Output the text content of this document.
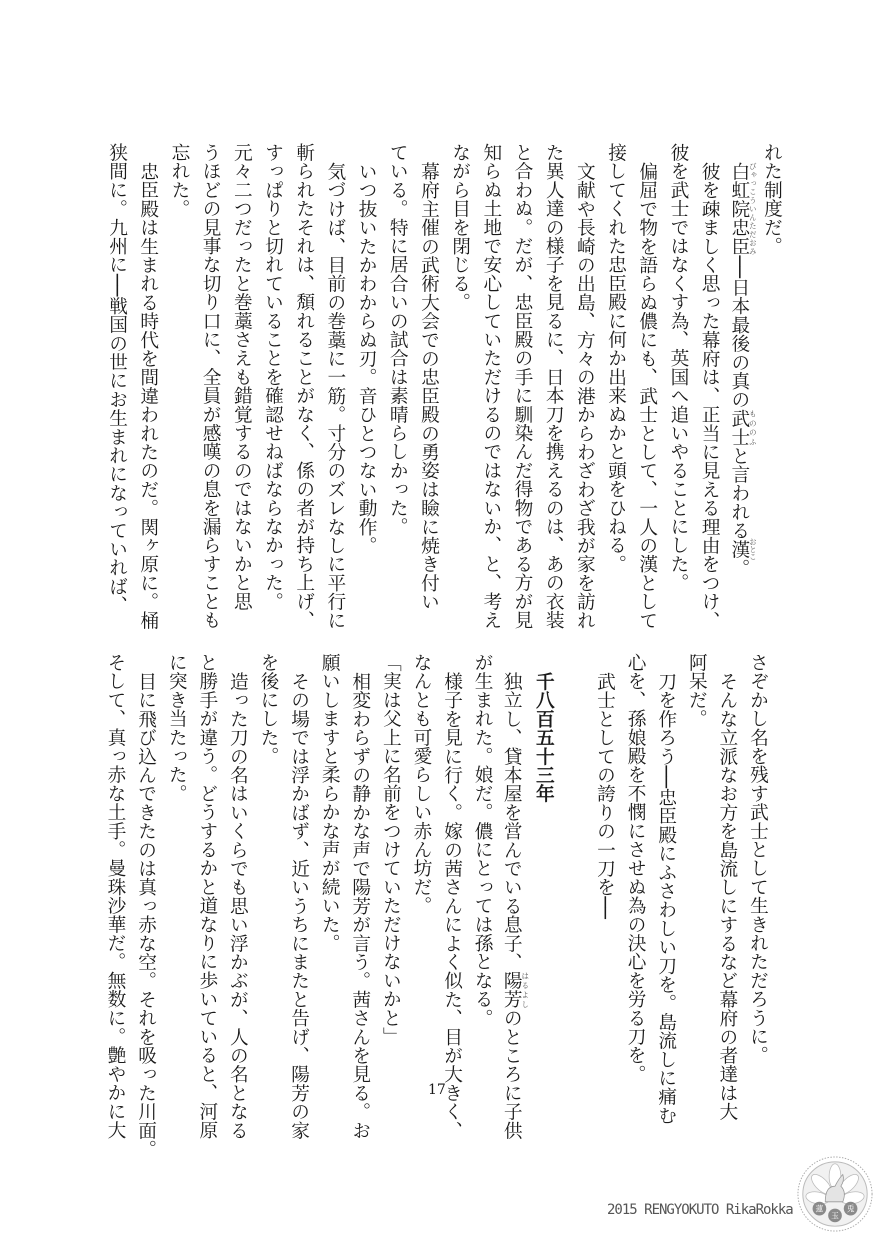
れた制度だ。
白虹院忠臣 びゃっこういんただおみ──日本最後の真の武士 もののふと言われる漢 おとこ。
彼を疎ましく思った幕府は、正当に見える理由をつけ、
彼を武士ではなくす為、英国へ追いやることにした。
偏屈で物を語らぬ儂にも、武士として、一人の漢として
接してくれた忠臣殿に何か出来ぬかと頭をひねる。
文献や長崎の出島、方々の港からわざわざ我が家を訪れ
た異人達の様子を見るに、日本刀を携えるのは、あの衣装
と合わぬ。だが、忠臣殿の手に馴染んだ得物である方が見
知らぬ土地で安心していただけるのではないか、と、考え
ながら目を閉じる。
幕府主催の武術大会での忠臣殿の勇姿は瞼に焼き付い
ている。特に居合いの試合は素晴らしかった。
いつ抜いたかわからぬ刃。音ひとつない動作。
気づけば、目前の巻藁に一筋。寸分のズレなしに平行に
斬られたそれは、頽れることがなく、係の者が持ち上げ、
すっぱりと切れていることを確認せねばならなかった。
元々二つだったと巻藁さえも錯覚するのではないかと思
うほどの見事な切り口に、全員が感嘆の息を漏らすことも
忘れた。
忠臣殿は生まれる時代を間違われたのだ。関ヶ原に。桶
狭間に。九州に──戦国の世にお生まれになっていれば、
さぞかし名を残す武士として生きれただろうに。
そんな立派なお方を島流しにするなど幕府の者達は大
阿呆だ。
刀を作ろう──忠臣殿にふさわしい刀を。島流しに痛む
心を、孫娘殿を不憫にさせぬ為の決心を労る刀を。
武士としての誇りの一刀を──
千八百五十三年
独立し、貸本屋を営んでいる息子、陽芳 はるよしのところに子供
が生まれた。娘だ。儂にとっては孫となる。
様子を見に行く。嫁の茜さんによく似た、目が大きく、
なんとも可愛らしい赤ん坊だ。
「実は父上に名前をつけていただけないかと」
相変わらずの静かな声で陽芳が言う。茜さんを見る。お
願いしますと柔らかな声が続いた。
その場では浮かばず、近いうちにまたと告げ、陽芳の家
を後にした。
造った刀の名はいくらでも思い浮かぶが、人の名となる
と勝手が違う。どうするかと道なりに歩いていると、河原
に突き当たった。
目に飛び込んできたのは真っ赤な空。それを吸った川面。
そして、真っ赤な土手。曼珠沙華だ。無数に。艶やかに大	17
2015 RENGYOKUTO RikaRokka	蓮
玉
兎
